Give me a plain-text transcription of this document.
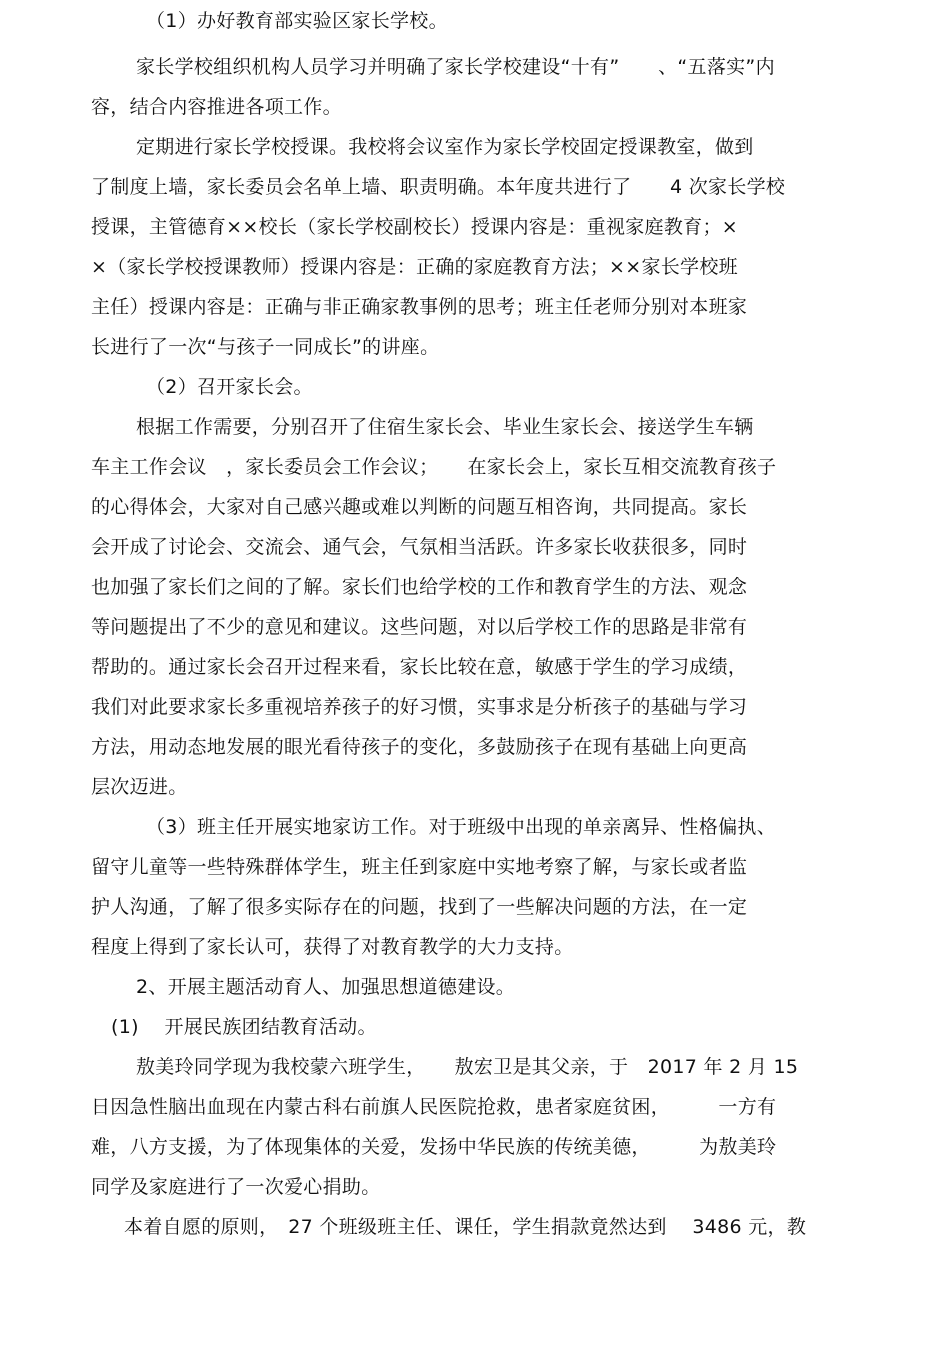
（1）办好教育部实验区家长学校。
家长学校组织机构人员学习并明确了家长学校建设“十有”　　、“五落实”内
容，结合内容推进各项工作。
定期进行家长学校授课。我校将会议室作为家长学校固定授课教室，做到
了制度上墙，家长委员会名单上墙、职责明确。本年度共进行了　　4 次家长学校
授课，主管德育××校长（家长学校副校长）授课内容是：重视家庭教育；×
×（家长学校授课教师）授课内容是：正确的家庭教育方法；××家长学校班
主任）授课内容是：正确与非正确家教事例的思考；班主任老师分别对本班家
长进行了一次“与孩子一同成长”的讲座。
（2）召开家长会。
根据工作需要，分别召开了住宿生家长会、毕业生家长会、接送学生车辆
车主工作会议　，家长委员会工作会议；　　在家长会上，家长互相交流教育孩子
的心得体会，大家对自己感兴趣或难以判断的问题互相咨询，共同提高。家长
会开成了讨论会、交流会、通气会，气氛相当活跃。许多家长收获很多，同时
也加强了家长们之间的了解。家长们也给学校的工作和教育学生的方法、观念
等问题提出了不少的意见和建议。这些问题，对以后学校工作的思路是非常有
帮助的。通过家长会召开过程来看，家长比较在意，敏感于学生的学习成绩，
我们对此要求家长多重视培养孩子的好习惯，实事求是分析孩子的基础与学习
方法，用动态地发展的眼光看待孩子的变化，多鼓励孩子在现有基础上向更高
层次迈进。
（3）班主任开展实地家访工作。对于班级中出现的单亲离异、性格偏执、
留守儿童等一些特殊群体学生，班主任到家庭中实地考察了解，与家长或者监
护人沟通，了解了很多实际存在的问题，找到了一些解决问题的方法，在一定
程度上得到了家长认可，获得了对教育教学的大力支持。
2、开展主题活动育人、加强思想道德建设。
(1)　 开展民族团结教育活动。
敖美玲同学现为我校蒙六班学生，　　敖宏卫是其父亲，于　2017 年 2 月 15
日因急性脑出血现在内蒙古科右前旗人民医院抢救，患者家庭贫困，　　　一方有
难，八方支援，为了体现集体的关爱，发扬中华民族的传统美德，　　　为敖美玲
同学及家庭进行了一次爱心捐助。
本着自愿的原则，　27 个班级班主任、课任，学生捐款竟然达到　 3486 元，教
